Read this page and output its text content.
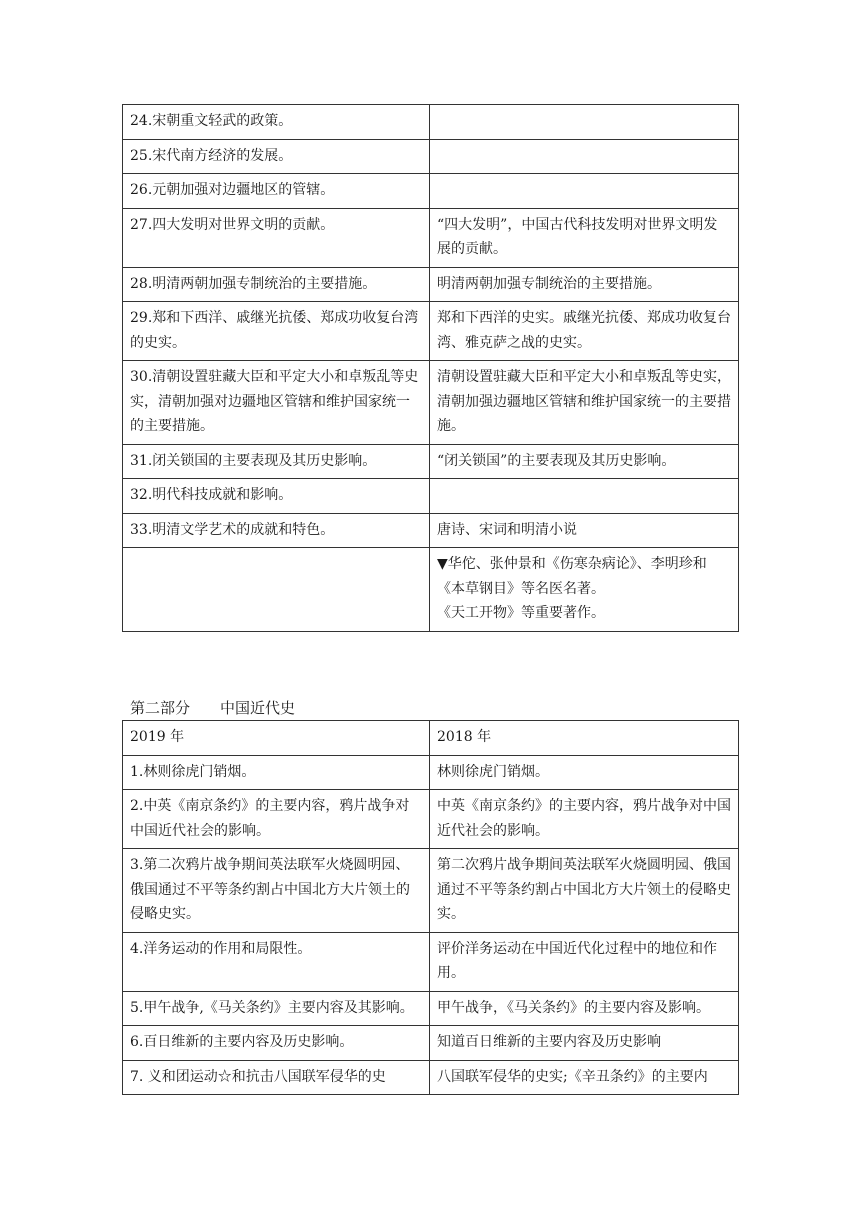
24.宋朝重文轻武的政策。	

25.宋代南方经济的发展。	

26.元朝加强对边疆地区的管辖。	

27.四大发明对世界文明的贡献。	“四大发明”，中国古代科技发明对世界文明发展的贡献。

28.明清两朝加强专制统治的主要措施。	明清两朝加强专制统治的主要措施。

29.郑和下西洋、戚继光抗倭、郑成功收复台湾的史实。	郑和下西洋的史实。戚继光抗倭、郑成功收复台湾、雅克萨之战的史实。

30.清朝设置驻藏大臣和平定大小和卓叛乱等史实，清朝加强对边疆地区管辖和维护国家统一的主要措施。	清朝设置驻藏大臣和平定大小和卓叛乱等史实，清朝加强边疆地区管辖和维护国家统一的主要措施。

31.闭关锁国的主要表现及其历史影响。	“闭关锁国”的主要表现及其历史影响。

32.明代科技成就和影响。	

33.明清文学艺术的成就和特色。	唐诗、宋词和明清小说

	▼华佗、张仲景和《伤寒杂病论》、李明珍和《本草钢目》等名医名著。
《天工开物》等重要著作。
第二部分 中国近代史
2019 年	2018 年

1.林则徐虎门销烟。	林则徐虎门销烟。

2.中英《南京条约》的主要内容，鸦片战争对中国近代社会的影响。	中英《南京条约》的主要内容，鸦片战争对中国近代社会的影响。

3.第二次鸦片战争期间英法联军火烧圆明园、俄国通过不平等条约割占中国北方大片领土的侵略史实。	第二次鸦片战争期间英法联军火烧圆明园、俄国通过不平等条约割占中国北方大片领土的侵略史实。

4.洋务运动的作用和局限性。	评价洋务运动在中国近代化过程中的地位和作用。

5.甲午战争,《马关条约》主要内容及其影响。	甲午战争，《马关条约》的主要内容及影响。

6.百日维新的主要内容及历史影响。	知道百日维新的主要内容及历史影响

7. 义和团运动☆和抗击八国联军侵华的史	八国联军侵华的史实;《辛丑条约》的主要内
